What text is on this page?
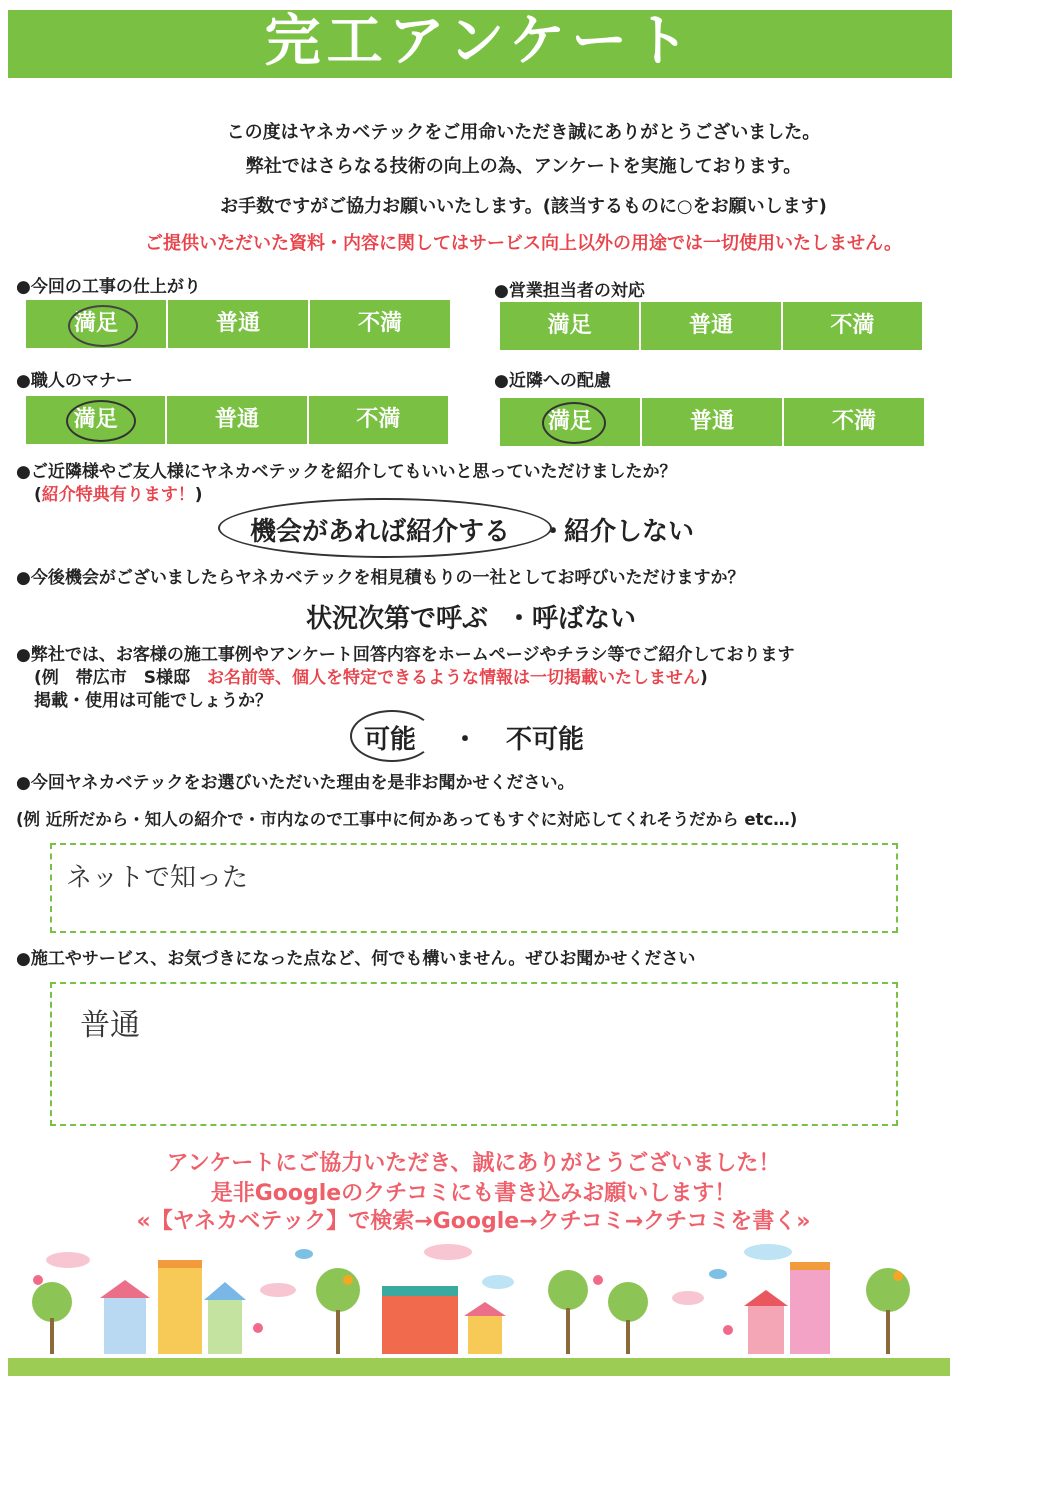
完工アンケート
この度はヤネカベテックをご用命いただき誠にありがとうございました。
弊社ではさらなる技術の向上の為、アンケートを実施しております。
お手数ですがご協力お願いいたします。(該当するものに○をお願いします)
ご提供いただいた資料・内容に関してはサービス向上以外の用途では一切使用いたしません。
●今回の工事の仕上がり
満足	普通	不満
●営業担当者の対応
満足	普通	不満
●職人のマナー
満足	普通	不満
●近隣への配慮
満足	普通	不満
●ご近隣様やご友人様にヤネカベテックを紹介してもいいと思っていただけましたか？
(紹介特典有ります！)
機会があれば紹介する ・
紹介しない
●今後機会がございましたらヤネカベテックを相見積もりの一社としてお呼びいただけますか？
状況次第で呼ぶ ・ 呼ばない
●弊社では、お客様の施工事例やアンケート回答内容をホームページやチラシ等でご紹介しております
(例　帯広市　S様邸　 お名前等、個人を特定できるような情報は一切掲載いたしません)
掲載・使用は可能でしょうか？
可能 ・ 不可能
●今回ヤネカベテックをお選びいただいた理由を是非お聞かせください。
(例 近所だから・知人の紹介で・市内なので工事中に何かあってもすぐに対応してくれそうだから etc…)
ネットで知った
●施工やサービス、お気づきになった点など、何でも構いません。ぜひお聞かせください
普通
アンケートにご協力いただき、誠にありがとうございました！
是非Googleのクチコミにも書き込みお願いします！
«【ヤネカベテック】で検索→Google→クチコミ→クチコミを書く»
